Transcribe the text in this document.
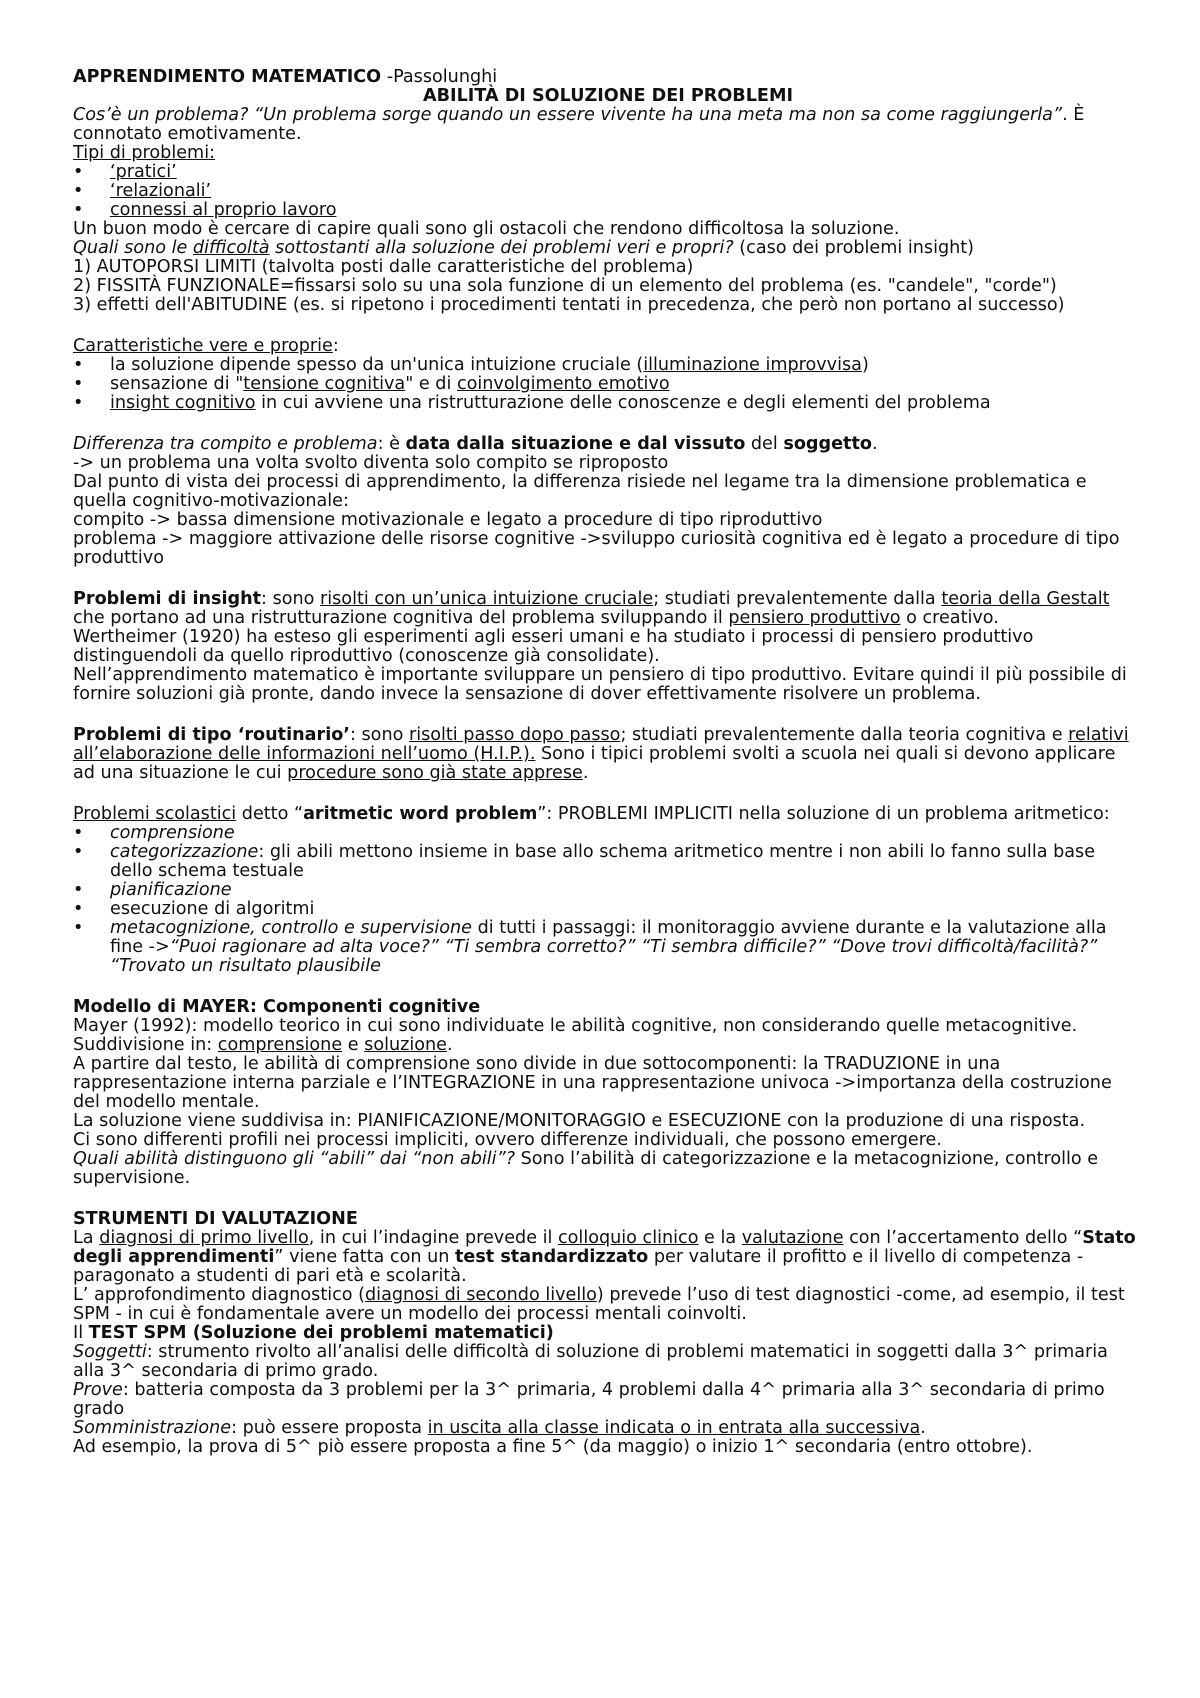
APPRENDIMENTO MATEMATICO -Passolunghi

ABILITÀ DI SOLUZIONE DEI PROBLEMI

Cos’è un problema? “Un problema sorge quando un essere vivente ha una meta ma non sa come raggiungerla”. È connotato emotivamente.

Tipi di problemi:

• ‘pratici’
• ‘relazionali’
• connessi al proprio lavoro

Un buon modo è cercare di capire quali sono gli ostacoli che rendono difficoltosa la soluzione.

Quali sono le difficoltà sottostanti alla soluzione dei problemi veri e propri? (caso dei problemi insight)

1) AUTOPORSI LIMITI (talvolta posti dalle caratteristiche del problema)

2) FISSITÀ FUNZIONALE=fissarsi solo su una sola funzione di un elemento del problema (es. "candele", "corde")

3) effetti dell'ABITUDINE (es. si ripetono i procedimenti tentati in precedenza, che però non portano al successo)

Caratteristiche vere e proprie:

• la soluzione dipende spesso da un'unica intuizione cruciale (illuminazione improvvisa)
• sensazione di "tensione cognitiva" e di coinvolgimento emotivo
• insight cognitivo in cui avviene una ristrutturazione delle conoscenze e degli elementi del problema

Differenza tra compito e problema: è data dalla situazione e dal vissuto del soggetto.

-> un problema una volta svolto diventa solo compito se riproposto

Dal punto di vista dei processi di apprendimento, la differenza risiede nel legame tra la dimensione problematica e quella cognitivo-motivazionale:

compito -> bassa dimensione motivazionale e legato a procedure di tipo riproduttivo

problema -> maggiore attivazione delle risorse cognitive ->sviluppo curiosità cognitiva ed è legato a procedure di tipo produttivo

Problemi di insight: sono risolti con un’unica intuizione cruciale; studiati prevalentemente dalla teoria della Gestalt che portano ad una ristrutturazione cognitiva del problema sviluppando il pensiero produttivo o creativo.

Wertheimer (1920) ha esteso gli esperimenti agli esseri umani e ha studiato i processi di pensiero produttivo distinguendoli da quello riproduttivo (conoscenze già consolidate).

Nell’apprendimento matematico è importante sviluppare un pensiero di tipo produttivo. Evitare quindi il più possibile di fornire soluzioni già pronte, dando invece la sensazione di dover effettivamente risolvere un problema.

Problemi di tipo ‘routinario’: sono risolti passo dopo passo; studiati prevalentemente dalla teoria cognitiva e relativi
all’elaborazione delle informazioni nell’uomo (H.I.P.). Sono i tipici problemi svolti a scuola nei quali si devono applicare ad una situazione le cui procedure sono già state apprese.

Problemi scolastici detto “aritmetic word problem”: PROBLEMI IMPLICITI nella soluzione di un problema aritmetico:

• comprensione
• categorizzazione: gli abili mettono insieme in base allo schema aritmetico mentre i non abili lo fanno sulla base dello schema testuale
• pianificazione
• esecuzione di algoritmi
• metacognizione, controllo e supervisione di tutti i passaggi: il monitoraggio avviene durante e la valutazione alla fine ->“Puoi ragionare ad alta voce?” “Ti sembra corretto?” “Ti sembra difficile?” “Dove trovi difficoltà/facilità?” “Trovato un risultato plausibile

Modello di MAYER: Componenti cognitive

Mayer (1992): modello teorico in cui sono individuate le abilità cognitive, non considerando quelle metacognitive. Suddivisione in: comprensione e soluzione.

A partire dal testo, le abilità di comprensione sono divide in due sottocomponenti: la TRADUZIONE in una rappresentazione interna parziale e l’INTEGRAZIONE in una rappresentazione univoca ->importanza della costruzione del modello mentale.

La soluzione viene suddivisa in: PIANIFICAZIONE/MONITORAGGIO e ESECUZIONE con la produzione di una risposta.

Ci sono differenti profili nei processi impliciti, ovvero differenze individuali, che possono emergere.

Quali abilità distinguono gli “abili” dai “non abili”? Sono l’abilità di categorizzazione e la metacognizione, controllo e supervisione.

STRUMENTI DI VALUTAZIONE

La diagnosi di primo livello, in cui l’indagine prevede il colloquio clinico e la valutazione con l’accertamento dello “Stato degli apprendimenti” viene fatta con un test standardizzato per valutare il profitto e il livello di competenza -paragonato a studenti di pari età e scolarità.

L’ approfondimento diagnostico (diagnosi di secondo livello) prevede l’uso di test diagnostici -come, ad esempio, il test SPM - in cui è fondamentale avere un modello dei processi mentali coinvolti.

Il TEST SPM (Soluzione dei problemi matematici)

Soggetti: strumento rivolto all’analisi delle difficoltà di soluzione di problemi matematici in soggetti dalla 3^ primaria alla 3^ secondaria di primo grado.

Prove: batteria composta da 3 problemi per la 3^ primaria, 4 problemi dalla 4^ primaria alla 3^ secondaria di primo grado

Somministrazione: può essere proposta in uscita alla classe indicata o in entrata alla successiva.

Ad esempio, la prova di 5^ piò essere proposta a fine 5^ (da maggio) o inizio 1^ secondaria (entro ottobre).
